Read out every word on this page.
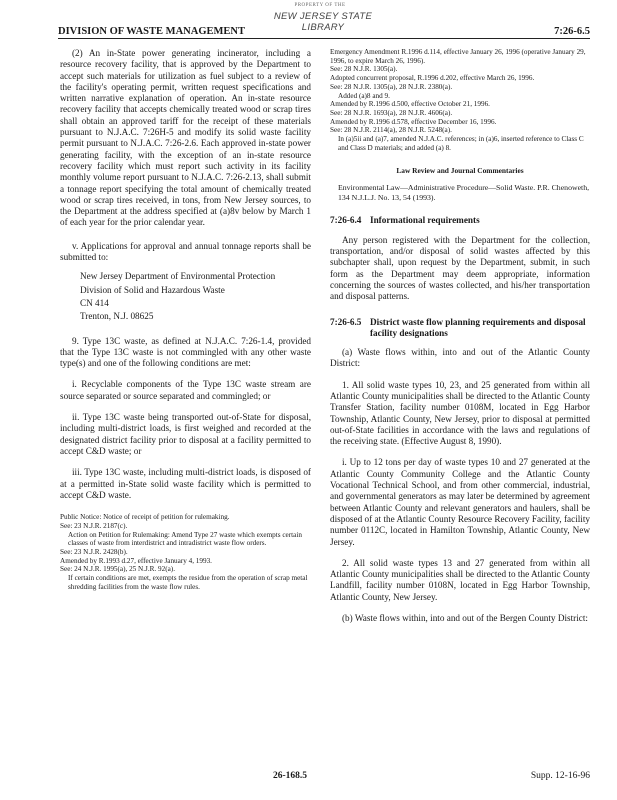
PROPERTY OF THE
NEW JERSEY STATE LIBRARY
DIVISION OF WASTE MANAGEMENT	7:26-6.5

(2) An in-State power generating incinerator, including a resource recovery facility, that is approved by the Department to accept such materials for utilization as fuel subject to a review of the facility's operating permit, written request specifications and written narrative explanation of operation. An in-state resource recovery facility that accepts chemically treated wood or scrap tires shall obtain an approved tariff for the receipt of these materials pursuant to N.J.A.C. 7:26H-5 and modify its solid waste facility permit pursuant to N.J.A.C. 7:26-2.6. Each approved in-state power generating facility, with the exception of an in-state resource recovery facility which must report such activity in its facility monthly volume report pursuant to N.J.A.C. 7:26-2.13, shall submit a tonnage report specifying the total amount of chemically treated wood or scrap tires received, in tons, from New Jersey sources, to the Department at the address specified at (a)8v below by March 1 of each year for the prior calendar year.

v. Applications for approval and annual tonnage reports shall be submitted to:

New Jersey Department of Environmental Protection

Division of Solid and Hazardous Waste

CN 414

Trenton, N.J. 08625

9. Type 13C waste, as defined at N.J.A.C. 7:26-1.4, provided that the Type 13C waste is not commingled with any other waste type(s) and one of the following conditions are met:

i. Recyclable components of the Type 13C waste stream are source separated or source separated and commingled; or

ii. Type 13C waste being transported out-of-State for disposal, including multi-district loads, is first weighed and recorded at the designated district facility prior to disposal at a facility permitted to accept C&D waste; or

iii. Type 13C waste, including multi-district loads, is disposed of at a permitted in-State solid waste facility which is permitted to accept C&D waste.

Public Notice: Notice of receipt of petition for rulemaking.

See: 23 N.J.R. 2187(c).

Action on Petition for Rulemaking: Amend Type 27 waste which exempts certain classes of waste from interdistrict and intradistrict waste flow orders.

See: 23 N.J.R. 2428(b).

Amended by R.1993 d.27, effective January 4, 1993.

See: 24 N.J.R. 1995(a), 25 N.J.R. 92(a).

If certain conditions are met, exempts the residue from the operation of scrap metal shredding facilities from the waste flow rules.

Emergency Amendment R.1996 d.114, effective January 26, 1996 (operative January 29, 1996, to expire March 26, 1996).

See: 28 N.J.R. 1305(a).

Adopted concurrent proposal, R.1996 d.202, effective March 26, 1996.

See: 28 N.J.R. 1305(a), 28 N.J.R. 2380(a).

Added (a)8 and 9.

Amended by R.1996 d.500, effective October 21, 1996.

See: 28 N.J.R. 1693(a), 28 N.J.R. 4606(a).

Amended by R.1996 d.578, effective December 16, 1996.

See: 28 N.J.R. 2114(a), 28 N.J.R. 5248(a).

In (a)5ii and (a)7, amended N.J.A.C. references; in (a)6, inserted reference to Class C and Class D materials; and added (a) 8.

Law Review and Journal Commentaries

Environmental Law—Administrative Procedure—Solid Waste. P.R. Chenoweth, 134 N.J.L.J. No. 13, 54 (1993).

7:26-6.4 Informational requirements

Any person registered with the Department for the collection, transportation, and/or disposal of solid wastes affected by this subchapter shall, upon request by the Department, submit, in such form as the Department may deem appropriate, information concerning the sources of wastes collected, and his/her transportation and disposal patterns.

7:26-6.5 District waste flow planning requirements and disposal facility designations

(a) Waste flows within, into and out of the Atlantic County District:

1. All solid waste types 10, 23, and 25 generated from within all Atlantic County municipalities shall be directed to the Atlantic County Transfer Station, facility number 0108M, located in Egg Harbor Township, Atlantic County, New Jersey, prior to disposal at permitted out-of-State facilities in accordance with the laws and regulations of the receiving state. (Effective August 8, 1990).

i. Up to 12 tons per day of waste types 10 and 27 generated at the Atlantic County Community College and the Atlantic County Vocational Technical School, and from other commercial, industrial, and governmental generators as may later be determined by agreement between Atlantic County and relevant generators and haulers, shall be disposed of at the Atlantic County Resource Recovery Facility, facility number 0112C, located in Hamilton Township, Atlantic County, New Jersey.

2. All solid waste types 13 and 27 generated from within all Atlantic County municipalities shall be directed to the Atlantic County Landfill, facility number 0108N, located in Egg Harbor Township, Atlantic County, New Jersey.

(b) Waste flows within, into and out of the Bergen County District:

26-168.5	Supp. 12-16-96
